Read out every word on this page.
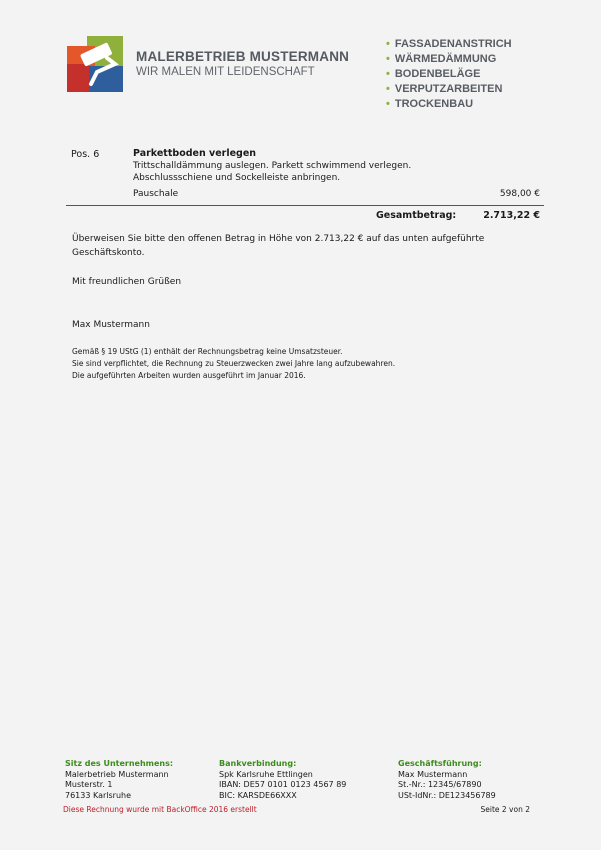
MALERBETRIEB MUSTERMANN
WIR MALEN MIT LEIDENSCHAFT
• FASSADENANSTRICH
• WÄRMEDÄMMUNG
• BODENBELÄGE
• VERPUTZARBEITEN
• TROCKENBAU
Pos. 6	Parkettboden verlegen
Trittschalldämmung auslegen. Parkett schwimmend verlegen.
Abschlussschiene und Sockelleiste anbringen.
Pauschale	598,00 €
Gesamtbetrag:	2.713,22 €
Überweisen Sie bitte den offenen Betrag in Höhe von 2.713,22 € auf das unten aufgeführte Geschäftskonto.
Mit freundlichen Grüßen
Max Mustermann
Gemäß § 19 UStG (1) enthält der Rechnungsbetrag keine Umsatzsteuer.
Sie sind verpflichtet, die Rechnung zu Steuerzwecken zwei Jahre lang aufzubewahren.
Die aufgeführten Arbeiten wurden ausgeführt im Januar 2016.
Sitz des Unternehmens:
Malerbetrieb Mustermann
Musterstr. 1
76133 Karlsruhe
Bankverbindung:
Spk Karlsruhe Ettlingen
IBAN: DE57 0101 0123 4567 89
BIC: KARSDE66XXX
Geschäftsführung:
Max Mustermann
St.-Nr.: 12345/67890
USt-IdNr.: DE123456789
Diese Rechnung wurde mit BackOffice 2016 erstellt	Seite 2 von 2
